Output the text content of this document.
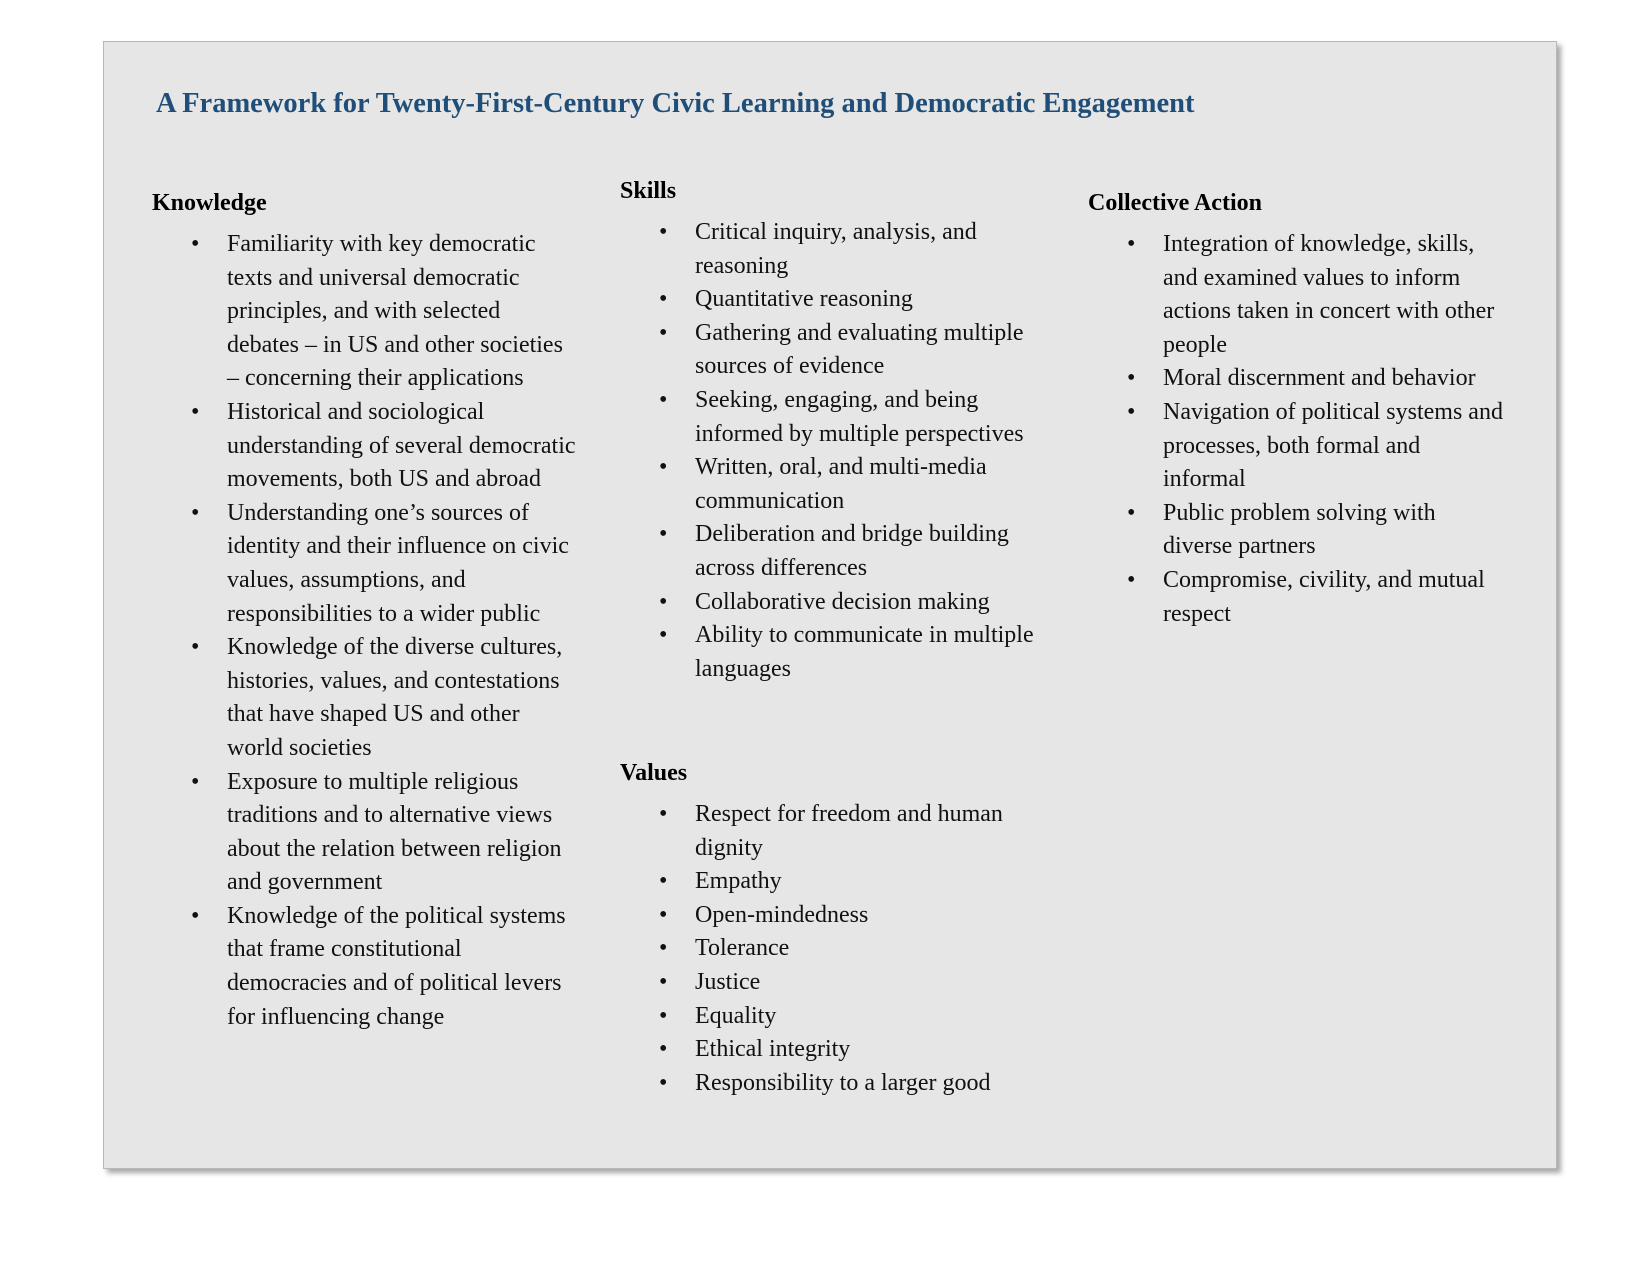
A Framework for Twenty-First-Century Civic Learning and Democratic Engagement
Knowledge
• Familiarity with key democratic texts and universal democratic principles, and with selected debates – in US and other societies – concerning their applications
• Historical and sociological understanding of several democratic movements, both US and abroad
• Understanding one’s sources of identity and their influence on civic values, assumptions, and responsibilities to a wider public
• Knowledge of the diverse cultures, histories, values, and contestations that have shaped US and other world societies
• Exposure to multiple religious traditions and to alternative views about the relation between religion and government
• Knowledge of the political systems that frame constitutional democracies and of political levers for influencing change
Skills
• Critical inquiry, analysis, and reasoning
• Quantitative reasoning
• Gathering and evaluating multiple sources of evidence
• Seeking, engaging, and being informed by multiple perspectives
• Written, oral, and multi-media communication
• Deliberation and bridge building across differences
• Collaborative decision making
• Ability to communicate in multiple languages
Values
• Respect for freedom and human dignity
• Empathy
• Open-mindedness
• Tolerance
• Justice
• Equality
• Ethical integrity
• Responsibility to a larger good
Collective Action
• Integration of knowledge, skills, and examined values to inform actions taken in concert with other people
• Moral discernment and behavior
• Navigation of political systems and processes, both formal and informal
• Public problem solving with diverse partners
• Compromise, civility, and mutual respect
